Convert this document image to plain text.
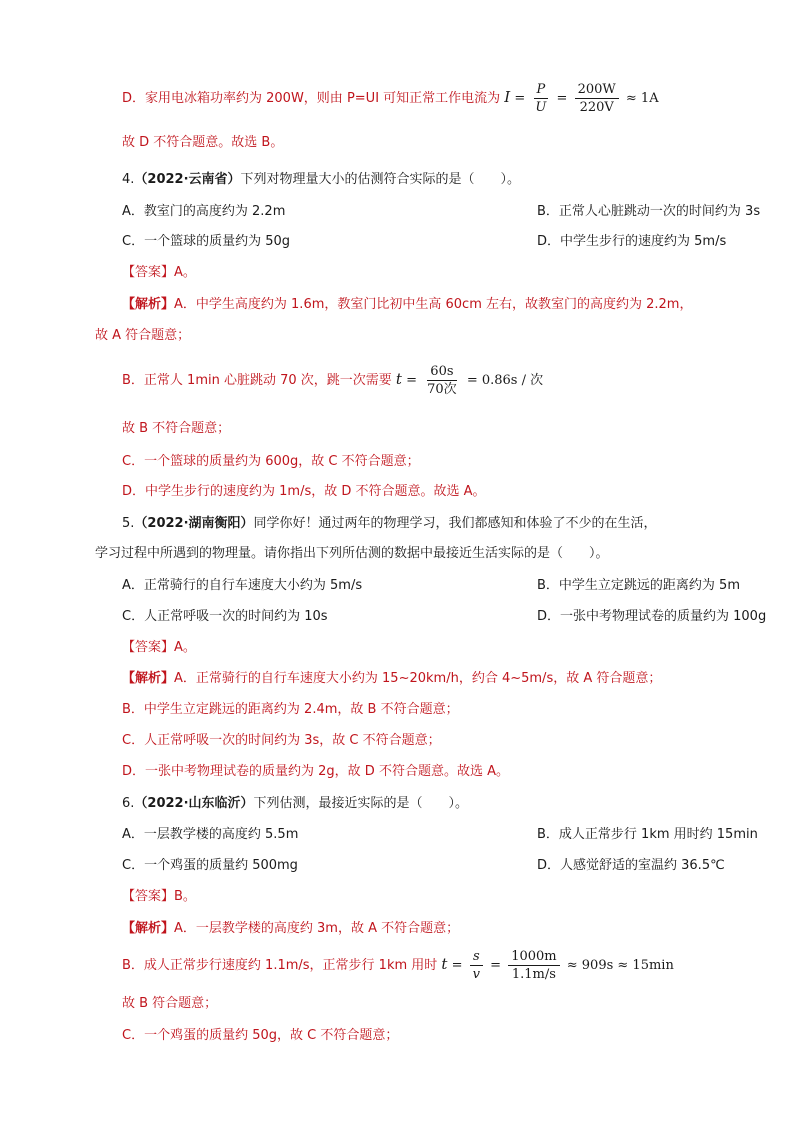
D．家用电冰箱功率约为 200W，则由 P=UI 可知正常工作电流为 $I = \frac{P}{U} = \frac{200W}{220V} \approx 1A$
故 D 不符合题意。故选 B。
4.（2022·云南省）下列对物理量大小的估测符合实际的是（　　）。
A．教室门的高度约为 2.2m	B．正常人心脏跳动一次的时间约为 3s
C．一个篮球的质量约为 50g	D．中学生步行的速度约为 5m/s
【答案】A。
【解析】A．中学生高度约为 1.6m，教室门比初中生高 60cm 左右，故教室门的高度约为 2.2m，
故 A 符合题意；
B．正常人 1min 心脏跳动 70 次，跳一次需要 $t = \frac{60s}{\text{70次}} = 0.86s$ / 次
故 B 不符合题意；
C．一个篮球的质量约为 600g，故 C 不符合题意；
D．中学生步行的速度约为 1m/s，故 D 不符合题意。故选 A。
5.（2022·湖南衡阳）同学你好！通过两年的物理学习，我们都感知和体验了不少的在生活，
学习过程中所遇到的物理量。请你指出下列所估测的数据中最接近生活实际的是（　　）。
A．正常骑行的自行车速度大小约为 5m/s	B．中学生立定跳远的距离约为 5m
C．人正常呼吸一次的时间约为 10s	D．一张中考物理试卷的质量约为 100g
【答案】A。
【解析】A．正常骑行的自行车速度大小约为 15~20km/h，约合 4~5m/s，故 A 符合题意；
B．中学生立定跳远的距离约为 2.4m，故 B 不符合题意；
C．人正常呼吸一次的时间约为 3s，故 C 不符合题意；
D．一张中考物理试卷的质量约为 2g，故 D 不符合题意。故选 A。
6.（2022·山东临沂）下列估测，最接近实际的是（　　）。
A．一层教学楼的高度约 5.5m	B．成人正常步行 1km 用时约 15min
C．一个鸡蛋的质量约 500mg	D．人感觉舒适的室温约 36.5℃
【答案】B。
【解析】A．一层教学楼的高度约 3m，故 A 不符合题意；
B．成人正常步行速度约 1.1m/s，正常步行 1km 用时 $t = \frac{s}{v} = \frac{1000m}{1.1m/s} \approx 909s \approx 15\min$
故 B 符合题意；
C．一个鸡蛋的质量约 50g，故 C 不符合题意；
